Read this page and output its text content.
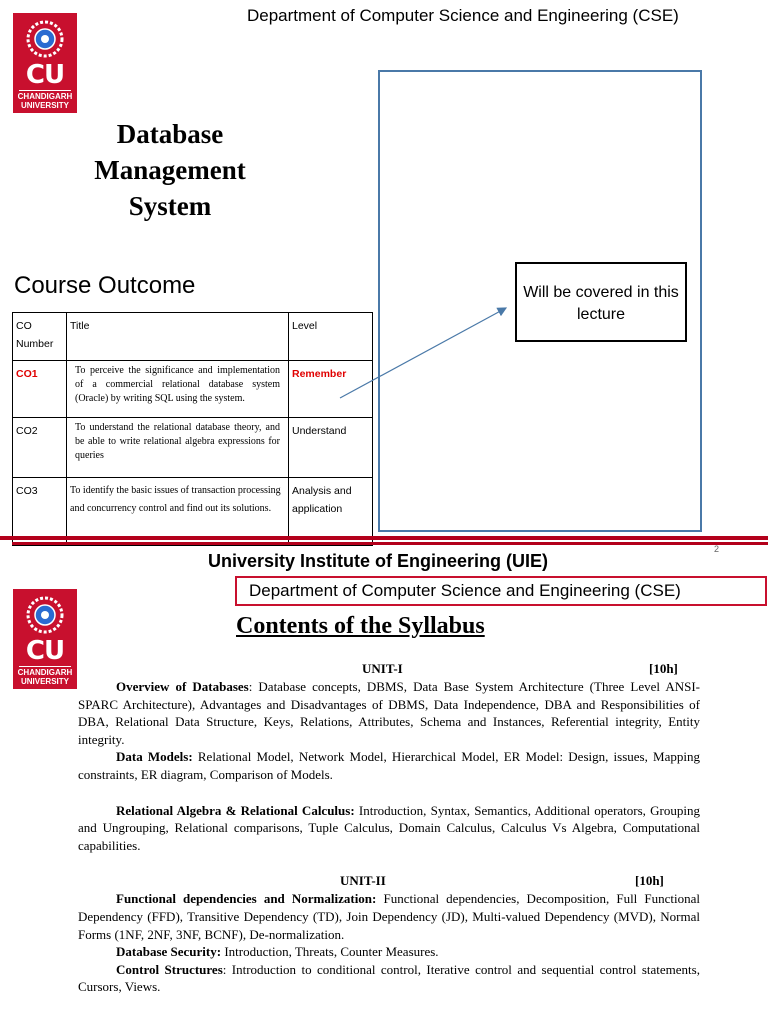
CU
CHANDIGARH
UNIVERSITY
Department of Computer Science and Engineering (CSE)
Database
Management
System
Course Outcome
CO Number	Title	Level
CO1	To perceive the significance and implementation of a commercial relational database system (Oracle) by writing SQL using the system.	Remember
CO2	To understand the relational database theory, and be able to write relational algebra expressions for queries	Understand
CO3	To identify the basic issues of transaction processing and concurrency control and find out its solutions.	Analysis and application
Will be covered in this lecture
University Institute of Engineering (UIE)
2
CU
CHANDIGARH
UNIVERSITY
Department of Computer Science and Engineering (CSE)
Contents of the Syllabus
UNIT-I	[10h]

Overview of Databases: Database concepts, DBMS, Data Base System Architecture (Three Level ANSI-SPARC Architecture), Advantages and Disadvantages of DBMS, Data Independence, DBA and Responsibilities of DBA, Relational Data Structure, Keys, Relations, Attributes, Schema and Instances, Referential integrity, Entity integrity.

Data Models: Relational Model, Network Model, Hierarchical Model, ER Model: Design, issues, Mapping constraints, ER diagram, Comparison of Models.

Relational Algebra & Relational Calculus: Introduction, Syntax, Semantics, Additional operators, Grouping and Ungrouping, Relational comparisons, Tuple Calculus, Domain Calculus, Calculus Vs Algebra, Computational capabilities.

UNIT-II	[10h]

Functional dependencies and Normalization: Functional dependencies, Decomposition, Full Functional Dependency (FFD), Transitive Dependency (TD), Join Dependency (JD), Multi-valued Dependency (MVD), Normal Forms (1NF, 2NF, 3NF, BCNF), De-normalization.

Database Security: Introduction, Threats, Counter Measures.

Control Structures: Introduction to conditional control, Iterative control and sequential control statements, Cursors, Views.
